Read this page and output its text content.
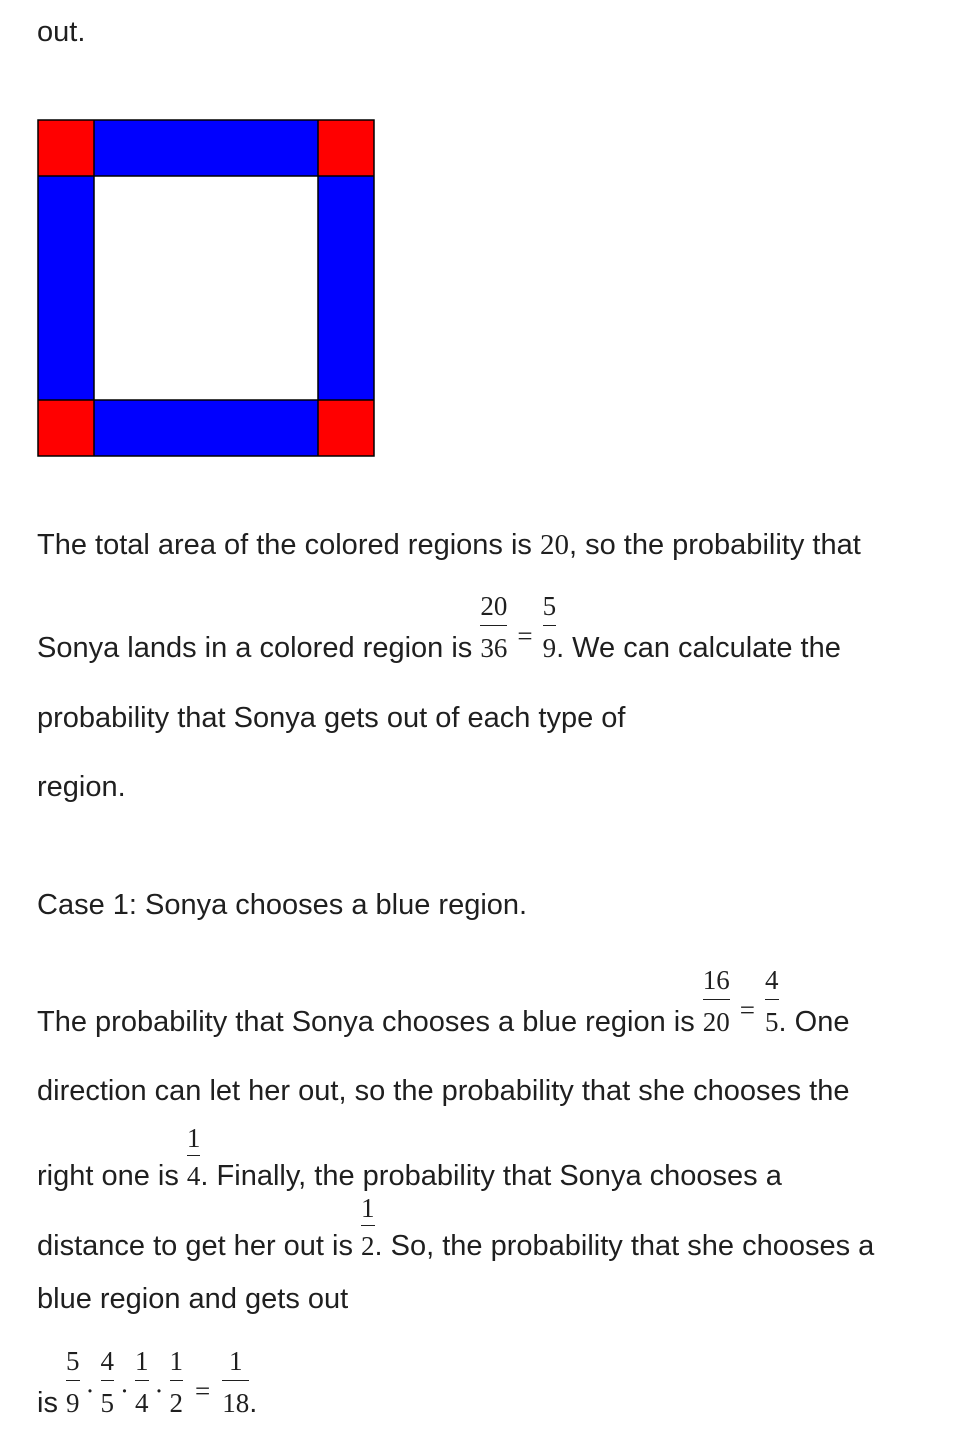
out.
The total area of the colored regions is 20, so the probability that
Sonya lands in a colored region is $\frac{20}{36} = \frac{5}{9}$ . We can calculate the
probability that Sonya gets out of each type of
region.
Case 1: Sonya chooses a blue region.
The probability that Sonya chooses a blue region is $\frac{16}{20} = \frac{4}{5}$ . One
direction can let her out, so the probability that she chooses the
right one is $\frac{1}{4}$ . Finally, the probability that Sonya chooses a
distance to get her out is $\frac{1}{2}$ . So, the probability that she chooses a
blue region and gets out
is $\frac{5}{9} \cdot \frac{4}{5} \cdot \frac{1}{4} \cdot \frac{1}{2} = \frac{1}{18}$ .
